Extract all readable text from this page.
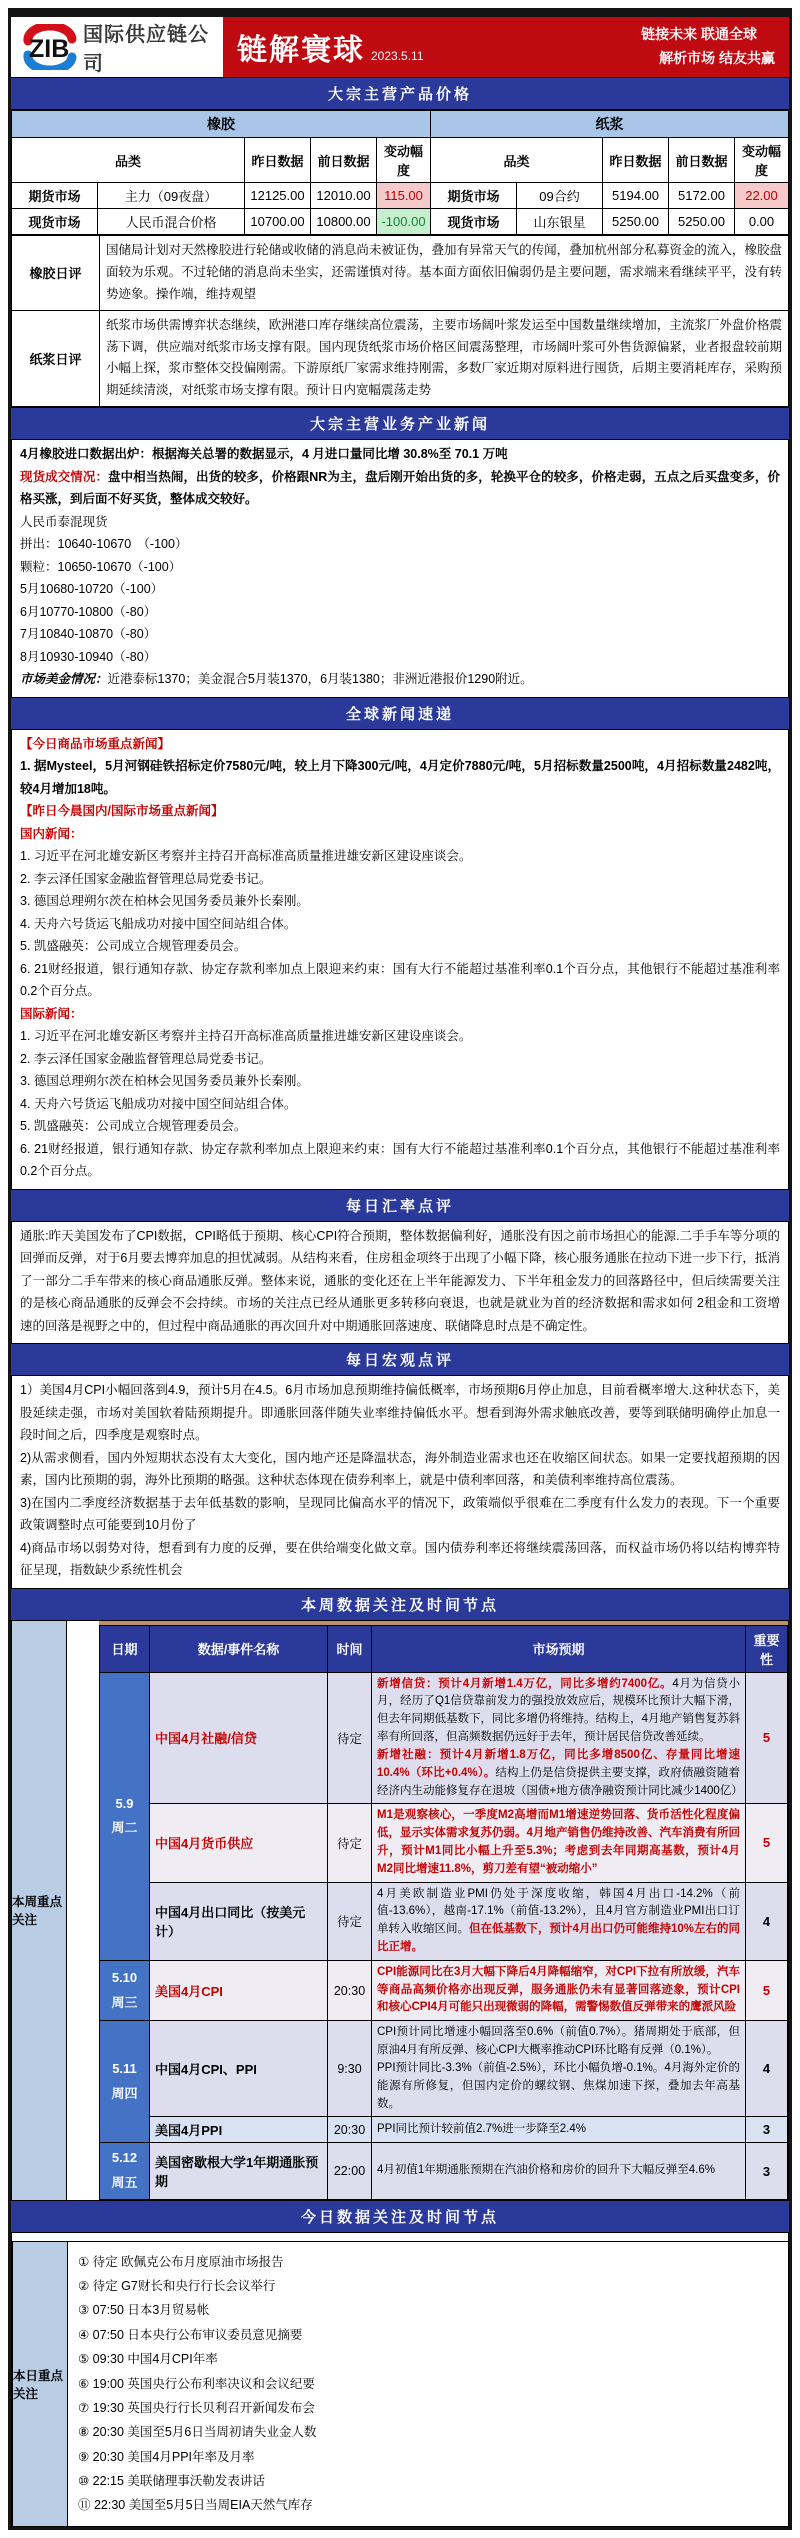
ZIB 国际供应链公司	链解寰球 2023.5.11
链接未来 联通全球
解析市场 结友共赢
大宗主营产品价格
橡胶					纸浆				
品类		昨日数据	前日数据	变动幅度	品类		昨日数据	前日数据	变动幅度
期货市场	主力（09夜盘）	12125.00	12010.00	115.00	期货市场	09合约	5194.00	5172.00	22.00
现货市场	人民币混合价格	10700.00	10800.00	-100.00	现货市场	山东银星	5250.00	5250.00	0.00
橡胶日评	国储局计划对天然橡胶进行轮储或收储的消息尚未被证伪，叠加有异常天气的传闻，叠加杭州部分私募资金的流入，橡胶盘面较为乐观。不过轮储的消息尚未坐实，还需谨慎对待。基本面方面依旧偏弱仍是主要问题，需求端来看继续平平，没有转势迹象。操作端，维持观望
纸浆日评	纸浆市场供需博弈状态继续，欧洲港口库存继续高位震荡，主要市场阔叶浆发运至中国数量继续增加，主流浆厂外盘价格震荡下调，供应端对纸浆市场支撑有限。国内现货纸浆市场价格区间震荡整理，市场阔叶浆可外售货源偏紧，业者报盘较前期小幅上探，浆市整体交投偏刚需。下游原纸厂家需求维持刚需，多数厂家近期对原料进行囤货，后期主要消耗库存，采购预期延续清淡，对纸浆市场支撑有限。预计日内宽幅震荡走势
大宗主营业务产业新闻
4月橡胶进口数据出炉：根据海关总署的数据显示，4 月进口量同比增 30.8%至 70.1 万吨
现货成交情况：盘中相当热闹，出货的较多，价格跟NR为主，盘后刚开始出货的多，轮换平仓的较多，价格走弱，五点之后买盘变多，价格买涨，到后面不好买货，整体成交较好。
人民币泰混现货
拼出：10640-10670　（-100）
颗粒：10650-10670（-100）
5月10680-10720（-100）
6月10770-10800（-80）
7月10840-10870（-80）
8月10930-10940（-80）
市场美金情况：近港泰标1370；美金混合5月装1370，6月装1380；非洲近港报价1290附近。
全球新闻速递
【今日商品市场重点新闻】
1. 据Mysteel，5月河钢硅铁招标定价7580元/吨，较上月下降300元/吨，4月定价7880元/吨，5月招标数量2500吨，4月招标数量2482吨，较4月增加18吨。
【昨日今晨国内/国际市场重点新闻】
国内新闻：
1. 习近平在河北雄安新区考察并主持召开高标准高质量推进雄安新区建设座谈会。
2. 李云泽任国家金融监督管理总局党委书记。
3. 德国总理朔尔茨在柏林会见国务委员兼外长秦刚。
4. 天舟六号货运飞船成功对接中国空间站组合体。
5. 凯盛融英：公司成立合规管理委员会。
6. 21财经报道，银行通知存款、协定存款利率加点上限迎来约束：国有大行不能超过基准利率0.1个百分点，其他银行不能超过基准利率0.2个百分点。
国际新闻：
1. 习近平在河北雄安新区考察并主持召开高标准高质量推进雄安新区建设座谈会。
2. 李云泽任国家金融监督管理总局党委书记。
3. 德国总理朔尔茨在柏林会见国务委员兼外长秦刚。
4. 天舟六号货运飞船成功对接中国空间站组合体。
5. 凯盛融英：公司成立合规管理委员会。
6. 21财经报道，银行通知存款、协定存款利率加点上限迎来约束：国有大行不能超过基准利率0.1个百分点，其他银行不能超过基准利率0.2个百分点。
每日汇率点评
通胀:昨天美国发布了CPI数据，CPI略低于预期、核心CPI符合预期，整体数据偏利好，通胀没有因之前市场担心的能源.二手手车等分项的回弹而反弹，对于6月要去博弈加息的担忧减弱。从结构来看，住房租金项终于出现了小幅下降，核心服务通胀在拉动下进一步下行，抵消了一部分二手车带来的核心商品通胀反弹。整体来说，通胀的变化还在上半年能源发力、下半年租金发力的回落路径中，但后续需要关注的是核心商品通胀的反弹会不会持续。市场的关注点已经从通胀更多转移向衰退，也就是就业为首的经济数据和需求如何 2租金和工资增速的回落是视野之中的，但过程中商品通胀的再次回升对中期通胀回落速度、联储降息时点是不确定性。
每日宏观点评
1）美国4月CPI小幅回落到4.9，预计5月在4.5。6月市场加息预期维持偏低概率，市场预期6月停止加息，目前看概率增大.这种状态下，美股延续走强，市场对美国软着陆预期提升。即通胀回落伴随失业率维持偏低水平。想看到海外需求触底改善，要等到联储明确停止加息一段时间之后，四季度是观察时点。
2)从需求侧看，国内外短期状态没有太大变化，国内地产还是降温状态，海外制造业需求也还在收缩区间状态。如果一定要找超预期的因素，国内比预期的弱，海外比预期的略强。这种状态体现在债券利率上，就是中债利率回落，和美债利率维持高位震荡。
3)在国内二季度经济数据基于去年低基数的影响，呈现同比偏高水平的情况下，政策端似乎很难在二季度有什么发力的表现。下一个重要政策调整时点可能要到10月份了
4)商品市场以弱势对待，想看到有力度的反弹，要在供给端变化做文章。国内债券利率还将继续震荡回落，而权益市场仍将以结构博弈特征呈现，指数缺少系统性机会
本周数据关注及时间节点
本周重点关注
日期	数据/事件名称	时间	市场预期	重要性

5.9
周二
	中国4月社融/信贷	待定	新增信贷：预计4月新增1.4万亿，同比多增约7400亿。4月为信贷小月，经历了Q1信贷靠前发力的强投放效应后，规模环比预计大幅下滑，但去年同期低基数下，同比多增仍将维持。结构上，4月地产销售复苏斜率有所回落，但高频数据仍远好于去年，预计居民信贷改善延续。
新增社融：预计4月新增1.8万亿，同比多增8500亿、存量同比增速10.4%（环比+0.4%）。结构上仍是信贷提供主要支撑，政府债融资随着经济内生动能修复存在退坡（国债+地方债净融资预计同比减少1400亿）	5
	中国4月货币供应	待定	M1是观察核心，一季度M2高增而M1增速逆势回落、货币活性化程度偏低，显示实体需求复苏仍弱。4月地产销售仍维持改善、汽车消费有所回升，预计M1同比小幅上升至5.3%；考虑到去年同期高基数，预计4月M2同比增速11.8%，剪刀差有望“被动缩小”	5
	中国4月出口同比（按美元计）	待定	4月美欧制造业PMI仍处于深度收缩，韩国4月出口-14.2%（前值-13.6%），越南-17.1%（前值-13.2%），且4月官方制造业PMI出口订单转入收缩区间。但在低基数下，预计4月出口仍可能维持10%左右的同比正增。	4

5.10
周三	美国4月CPI	20:30	CPI能源同比在3月大幅下降后4月降幅缩窄，对CPI下拉有所放缓，汽车等商品高频价格亦出现反弹，服务通胀仍未有显著回落迹象，预计CPI和核心CPI4月可能只出现微弱的降幅，需警惕数值反弹带来的鹰派风险	5

5.11
周四
	中国4月CPI、PPI	9:30	CPI预计同比增速小幅回落至0.6%（前值0.7%）。猪周期处于底部，但原油4月有所反弹、核心CPI大概率推动CPI环比略有反弹（0.1%）。
PPI预计同比-3.3%（前值-2.5%），环比小幅负增-0.1%。4月海外定价的能源有所修复，但国内定价的螺纹钢、焦煤加速下探，叠加去年高基数。	4
	美国4月PPI	20:30	PPI同比预计较前值2.7%进一步降至2.4%	3

5.12
周五	美国密歇根大学1年期通胀预期	22:00	4月初值1年期通胀预期在汽油价格和房价的回升下大幅反弹至4.6%	3
今日数据关注及时间节点
本日重点关注
① 待定 欧佩克公布月度原油市场报告
② 待定 G7财长和央行行长会议举行
③ 07:50 日本3月贸易帐
④ 07:50 日本央行公布审议委员意见摘要
⑤ 09:30 中国4月CPI年率
⑥ 19:00 英国央行公布利率决议和会议纪要
⑦ 19:30 英国央行行长贝利召开新闻发布会
⑧ 20:30 美国至5月6日当周初请失业金人数
⑨ 20:30 美国4月PPI年率及月率
⑩ 22:15 美联储理事沃勒发表讲话
⑪ 22:30 美国至5月5日当周EIA天然气库存
